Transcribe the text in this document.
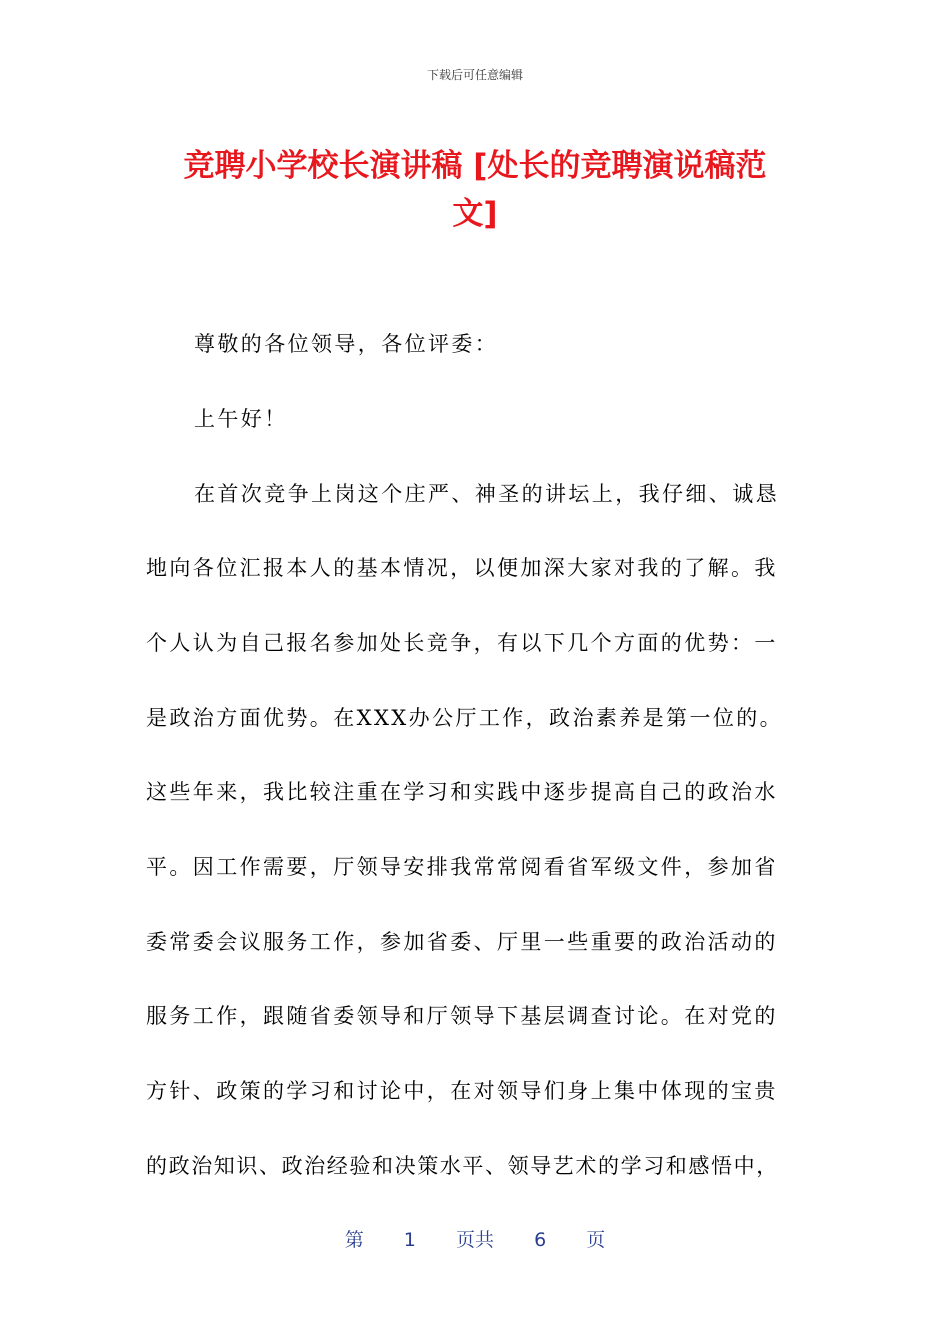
下载后可任意编辑
竞聘小学校长演讲稿 [处长的竞聘演说稿范
文]
尊敬的各位领导，各位评委：
上午好！
在首次竞争上岗这个庄严、神圣的讲坛上，我仔细、诚恳
地向各位汇报本人的基本情况，以便加深大家对我的了解。我
个人认为自己报名参加处长竞争，有以下几个方面的优势：一
是政治方面优势。在XXX办公厅工作，政治素养是第一位的。
这些年来，我比较注重在学习和实践中逐步提高自己的政治水
平。因工作需要，厅领导安排我常常阅看省军级文件，参加省
委常委会议服务工作，参加省委、厅里一些重要的政治活动的
服务工作，跟随省委领导和厅领导下基层调查讨论。在对党的
方针、政策的学习和讨论中，在对领导们身上集中体现的宝贵
的政治知识、政治经验和决策水平、领导艺术的学习和感悟中，
第 1 页共 6 页
